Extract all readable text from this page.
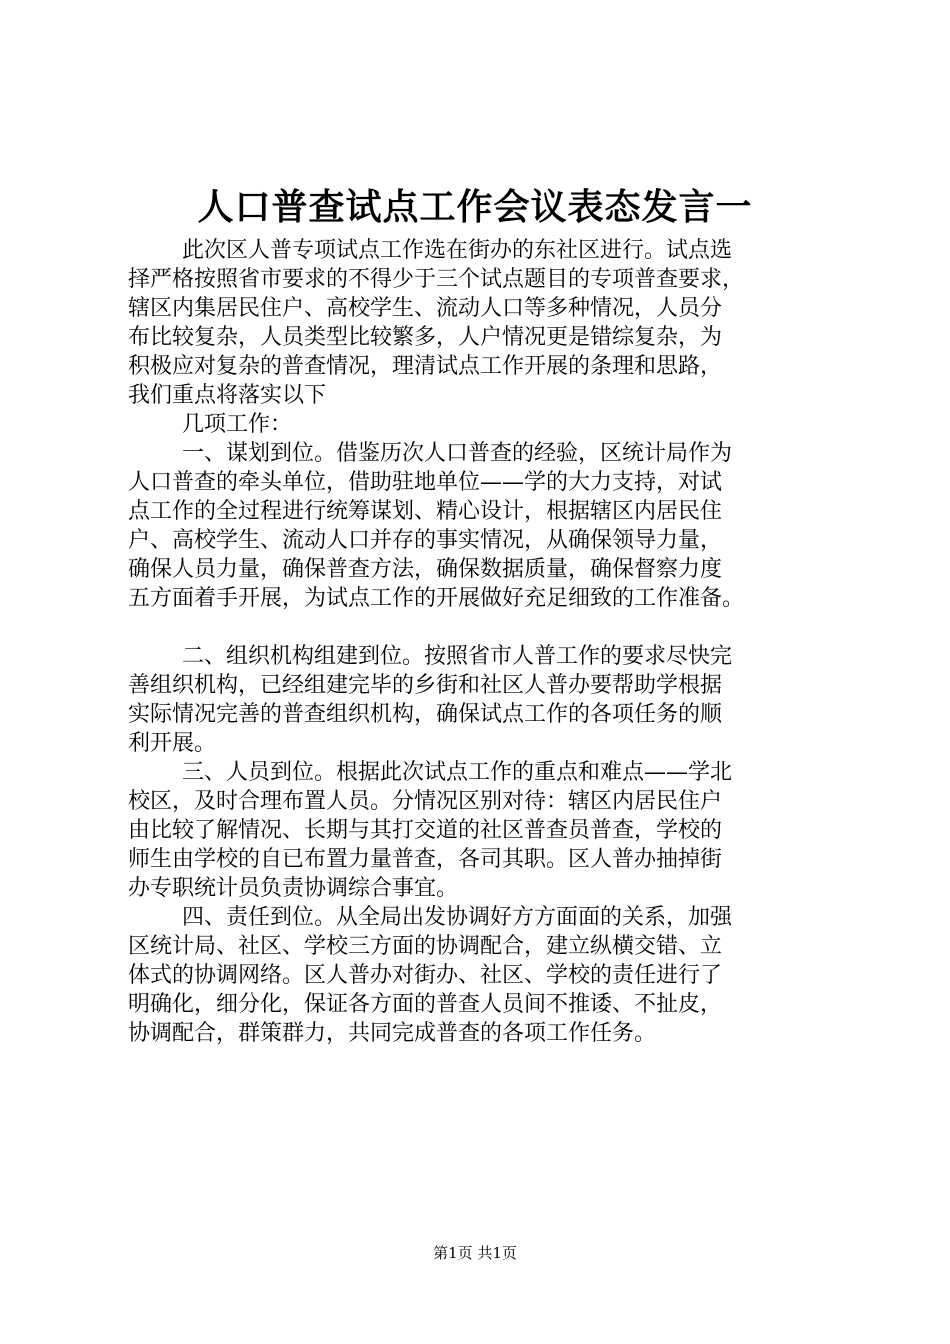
人口普查试点工作会议表态发言一
此次区人普专项试点工作选在街办的东社区进行。试点选
择严格按照省市要求的不得少于三个试点题目的专项普查要求，
辖区内集居民住户、高校学生、流动人口等多种情况，人员分
布比较复杂，人员类型比较繁多，人户情况更是错综复杂，为
积极应对复杂的普查情况，理清试点工作开展的条理和思路，
我们重点将落实以下
几项工作：
一、谋划到位。借鉴历次人口普查的经验，区统计局作为
人口普查的牵头单位，借助驻地单位——学的大力支持，对试
点工作的全过程进行统筹谋划、精心设计，根据辖区内居民住
户、高校学生、流动人口并存的事实情况，从确保领导力量，
确保人员力量，确保普查方法，确保数据质量，确保督察力度
五方面着手开展，为试点工作的开展做好充足细致的工作准备。
二、组织机构组建到位。按照省市人普工作的要求尽快完
善组织机构，已经组建完毕的乡街和社区人普办要帮助学根据
实际情况完善的普查组织机构，确保试点工作的各项任务的顺
利开展。
三、人员到位。根据此次试点工作的重点和难点——学北
校区，及时合理布置人员。分情况区别对待：辖区内居民住户
由比较了解情况、长期与其打交道的社区普查员普查，学校的
师生由学校的自已布置力量普查，各司其职。区人普办抽掉街
办专职统计员负责协调综合事宜。
四、责任到位。从全局出发协调好方方面面的关系，加强
区统计局、社区、学校三方面的协调配合，建立纵横交错、立
体式的协调网络。区人普办对街办、社区、学校的责任进行了
明确化，细分化，保证各方面的普查人员间不推诿、不扯皮，
协调配合，群策群力，共同完成普查的各项工作任务。
第1页 共1页
